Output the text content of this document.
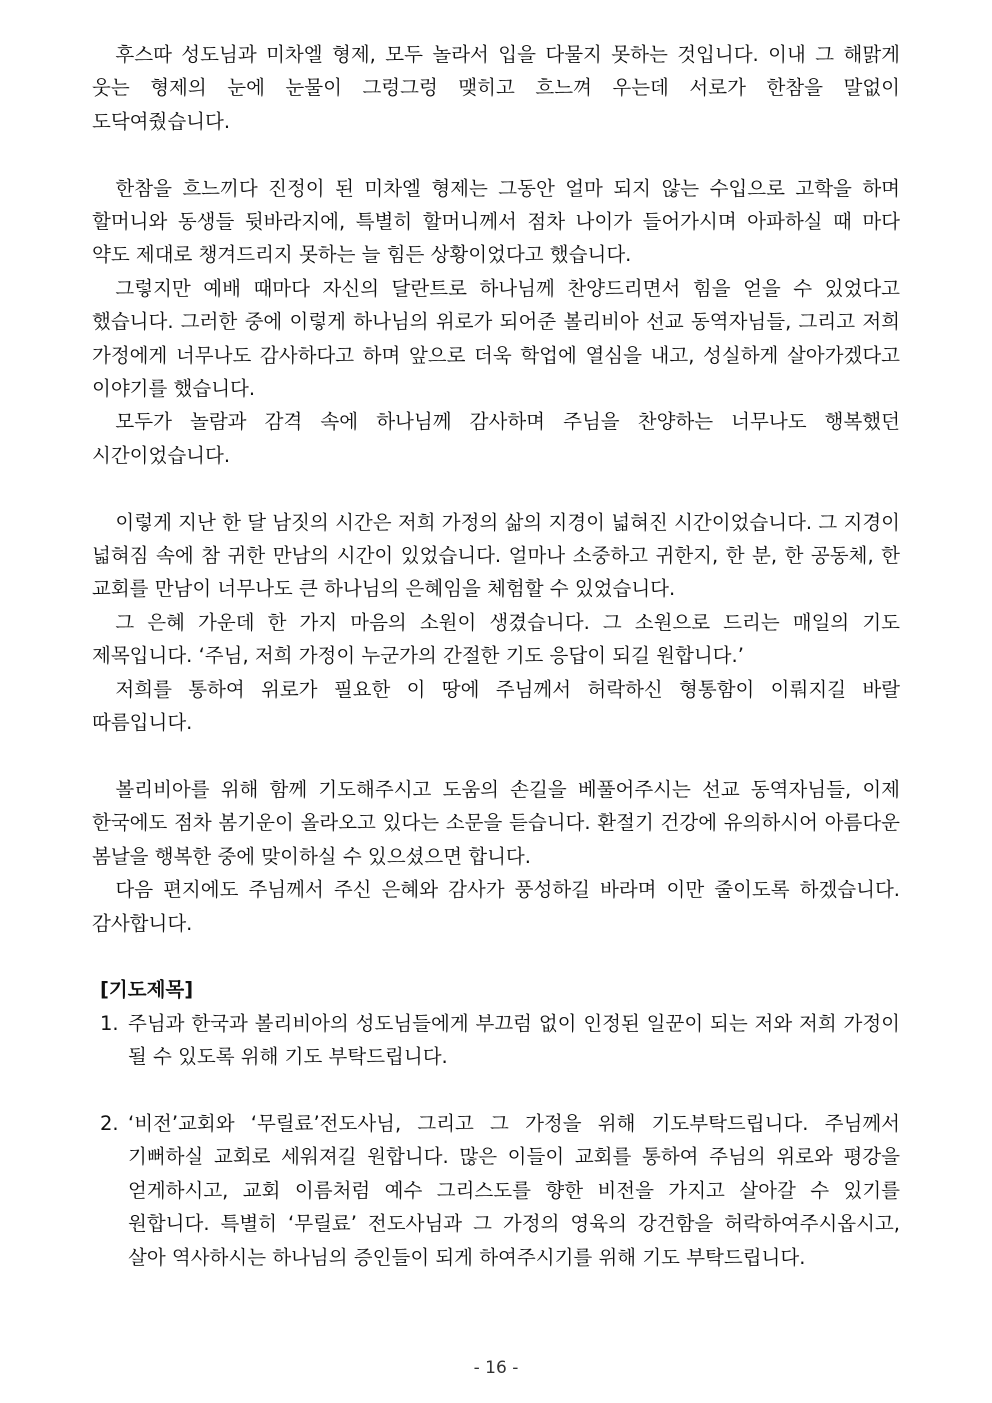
후스따 성도님과 미차엘 형제, 모두 놀라서 입을 다물지 못하는 것입니다. 이내 그 해맑게 웃는 형제의 눈에 눈물이 그렁그렁 맺히고 흐느껴 우는데 서로가 한참을 말없이 도닥여줬습니다.

한참을 흐느끼다 진정이 된 미차엘 형제는 그동안 얼마 되지 않는 수입으로 고학을 하며 할머니와 동생들 뒷바라지에, 특별히 할머니께서 점차 나이가 들어가시며 아파하실 때 마다 약도 제대로 챙겨드리지 못하는 늘 힘든 상황이었다고 했습니다.

그렇지만 예배 때마다 자신의 달란트로 하나님께 찬양드리면서 힘을 얻을 수 있었다고 했습니다. 그러한 중에 이렇게 하나님의 위로가 되어준 볼리비아 선교 동역자님들, 그리고 저희 가정에게 너무나도 감사하다고 하며 앞으로 더욱 학업에 열심을 내고, 성실하게 살아가겠다고 이야기를 했습니다.

모두가 놀람과 감격 속에 하나님께 감사하며 주님을 찬양하는 너무나도 행복했던 시간이었습니다.

이렇게 지난 한 달 남짓의 시간은 저희 가정의 삶의 지경이 넓혀진 시간이었습니다. 그 지경이 넓혀짐 속에 참 귀한 만남의 시간이 있었습니다. 얼마나 소중하고 귀한지, 한 분, 한 공동체, 한 교회를 만남이 너무나도 큰 하나님의 은혜임을 체험할 수 있었습니다.

그 은혜 가운데 한 가지 마음의 소원이 생겼습니다. 그 소원으로 드리는 매일의 기도 제목입니다. ‘주님, 저희 가정이 누군가의 간절한 기도 응답이 되길 원합니다.’

저희를 통하여 위로가 필요한 이 땅에 주님께서 허락하신 형통함이 이뤄지길 바랄 따름입니다.

볼리비아를 위해 함께 기도해주시고 도움의 손길을 베풀어주시는 선교 동역자님들, 이제 한국에도 점차 봄기운이 올라오고 있다는 소문을 듣습니다. 환절기 건강에 유의하시어 아름다운 봄날을 행복한 중에 맞이하실 수 있으셨으면 합니다.

다음 편지에도 주님께서 주신 은혜와 감사가 풍성하길 바라며 이만 줄이도록 하겠습니다. 감사합니다.

[기도제목]

1. 주님과 한국과 볼리비아의 성도님들에게 부끄럼 없이 인정된 일꾼이 되는 저와 저희 가정이 될 수 있도록 위해 기도 부탁드립니다.
2. ‘비전’교회와 ‘무릴료’전도사님, 그리고 그 가정을 위해 기도부탁드립니다. 주님께서 기뻐하실 교회로 세워져길 원합니다. 많은 이들이 교회를 통하여 주님의 위로와 평강을 얻게하시고, 교회 이름처럼 예수 그리스도를 향한 비전을 가지고 살아갈 수 있기를 원합니다. 특별히 ‘무릴료’ 전도사님과 그 가정의 영육의 강건함을 허락하여주시옵시고, 살아 역사하시는 하나님의 증인들이 되게 하여주시기를 위해 기도 부탁드립니다.
- 16 -
